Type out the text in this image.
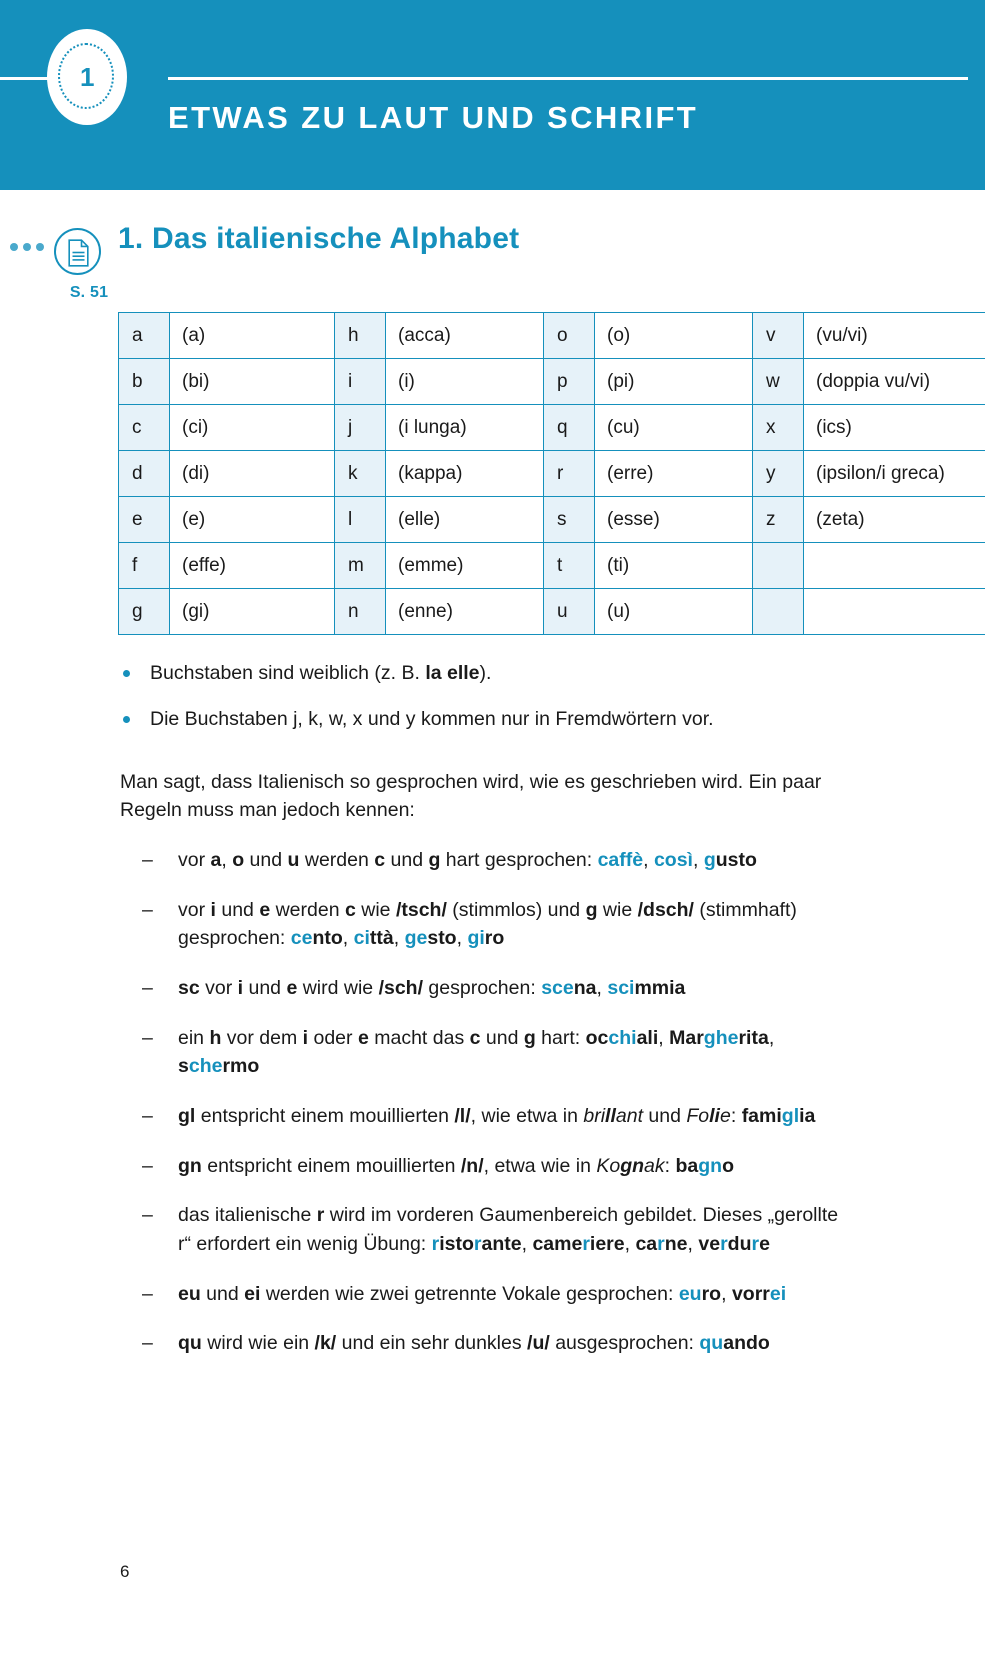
1
ETWAS ZU LAUT UND SCHRIFT
S. 51
1. Das italienische Alphabet
a	(a)	h	(acca)	o	(o)	v	(vu/vi)
b	(bi)	i	(i)	p	(pi)	w	(doppia vu/vi)
c	(ci)	j	(i lunga)	q	(cu)	x	(ics)
d	(di)	k	(kappa)	r	(erre)	y	(ipsilon/i greca)
e	(e)	l	(elle)	s	(esse)	z	(zeta)
f	(effe)	m	(emme)	t	(ti)		
g	(gi)	n	(enne)	u	(u)		
Buchstaben sind weiblich (z. B. la elle).
Die Buchstaben j, k, w, x und y kommen nur in Fremdwörtern vor.
Man sagt, dass Italienisch so gesprochen wird, wie es geschrieben wird. Ein paar Regeln muss man jedoch kennen:
– vor a, o und u werden c und g hart gesprochen: caffè, così, gusto
– vor i und e werden c wie /tsch/ (stimmlos) und g wie /dsch/ (stimmhaft) gesprochen: cento, città, gesto, giro
– sc vor i und e wird wie /sch/ gesprochen: scena, scimmia
– ein h vor dem i oder e macht das c und g hart: occhiali, Margherita, schermo
– gl entspricht einem mouillierten /l/, wie etwa in brillant und Folie: famiglia
– gn entspricht einem mouillierten /n/, etwa wie in Kognak: bagno
– das italienische r wird im vorderen Gaumenbereich gebildet. Dieses „gerollte r“ erfordert ein wenig Übung: ristorante, cameriere, carne, verdure
– eu und ei werden wie zwei getrennte Vokale gesprochen: euro, vorrei
– qu wird wie ein /k/ und ein sehr dunkles /u/ ausgesprochen: quando
6
